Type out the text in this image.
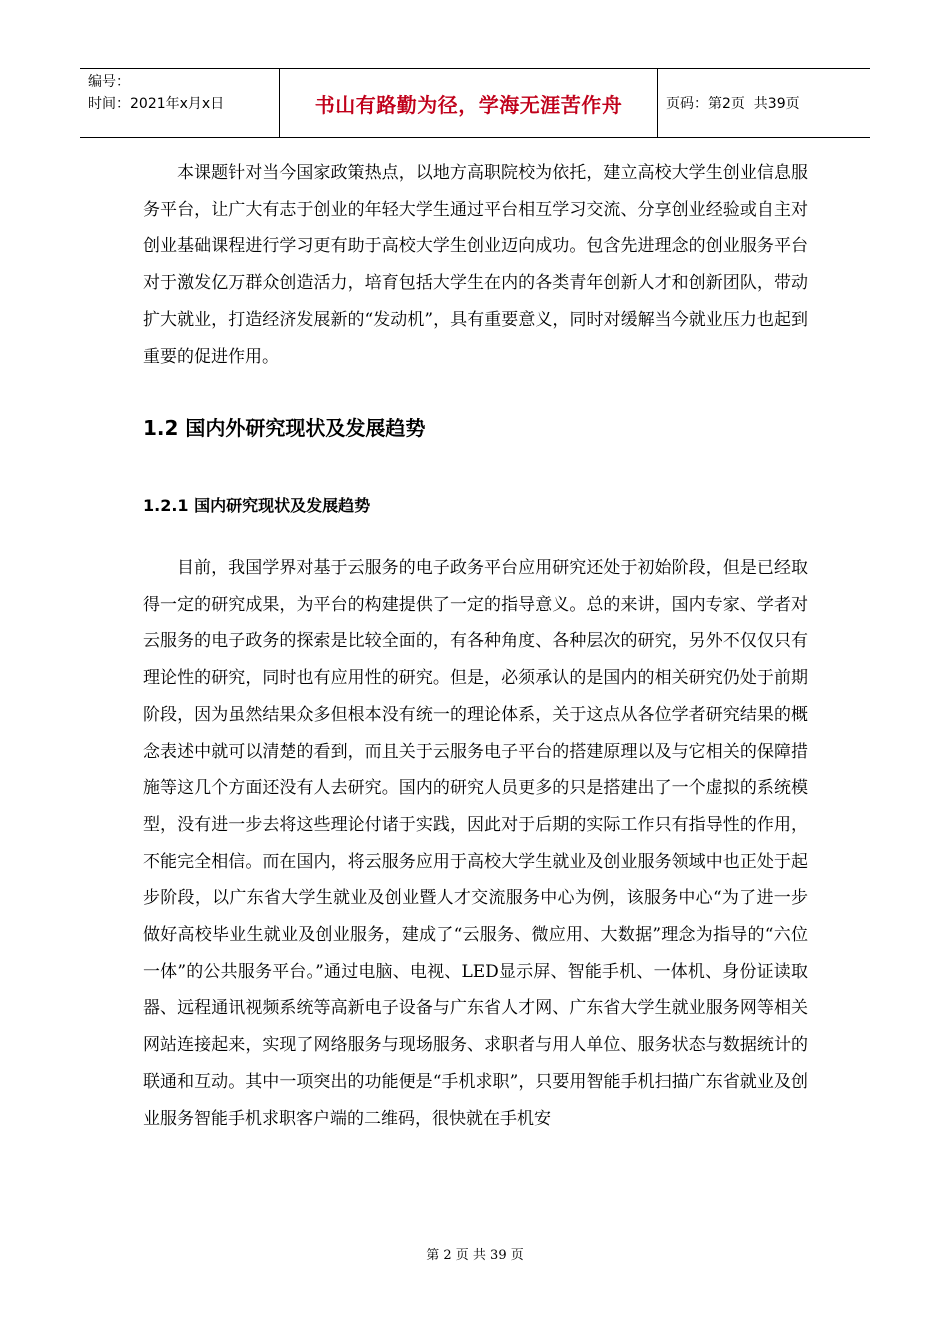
编号：
时间：2021年x月x日	书山有路勤为径，学海无涯苦作舟	页码：第2页  共39页

本课题针对当今国家政策热点，以地方高职院校为依托，建立高校大学生创业信息服务平台，让广大有志于创业的年轻大学生通过平台相互学习交流、分享创业经验或自主对创业基础课程进行学习更有助于高校大学生创业迈向成功。包含先进理念的创业服务平台对于激发亿万群众创造活力，培育包括大学生在内的各类青年创新人才和创新团队，带动扩大就业，打造经济发展新的“发动机”，具有重要意义，同时对缓解当今就业压力也起到重要的促进作用。

1.2 国内外研究现状及发展趋势
1.2.1 国内研究现状及发展趋势

目前，我国学界对基于云服务的电子政务平台应用研究还处于初始阶段，但是已经取得一定的研究成果，为平台的构建提供了一定的指导意义。总的来讲，国内专家、学者对云服务的电子政务的探索是比较全面的，有各种角度、各种层次的研究，另外不仅仅只有理论性的研究，同时也有应用性的研究。但是，必须承认的是国内的相关研究仍处于前期阶段，因为虽然结果众多但根本没有统一的理论体系，关于这点从各位学者研究结果的概念表述中就可以清楚的看到，而且关于云服务电子平台的搭建原理以及与它相关的保障措施等这几个方面还没有人去研究。国内的研究人员更多的只是搭建出了一个虚拟的系统模型，没有进一步去将这些理论付诸于实践，因此对于后期的实际工作只有指导性的作用，不能完全相信。而在国内，将云服务应用于高校大学生就业及创业服务领域中也正处于起步阶段，以广东省大学生就业及创业暨人才交流服务中心为例，该服务中心“为了进一步做好高校毕业生就业及创业服务，建成了“云服务、微应用、大数据”理念为指导的“六位一体”的公共服务平台。”通过电脑、电视、LED显示屏、智能手机、一体机、身份证读取器、远程通讯视频系统等高新电子设备与广东省人才网、广东省大学生就业服务网等相关网站连接起来，实现了网络服务与现场服务、求职者与用人单位、服务状态与数据统计的联通和互动。其中一项突出的功能便是“手机求职”，只要用智能手机扫描广东省就业及创业服务智能手机求职客户端的二维码，很快就在手机安

第 2 页 共 39 页
